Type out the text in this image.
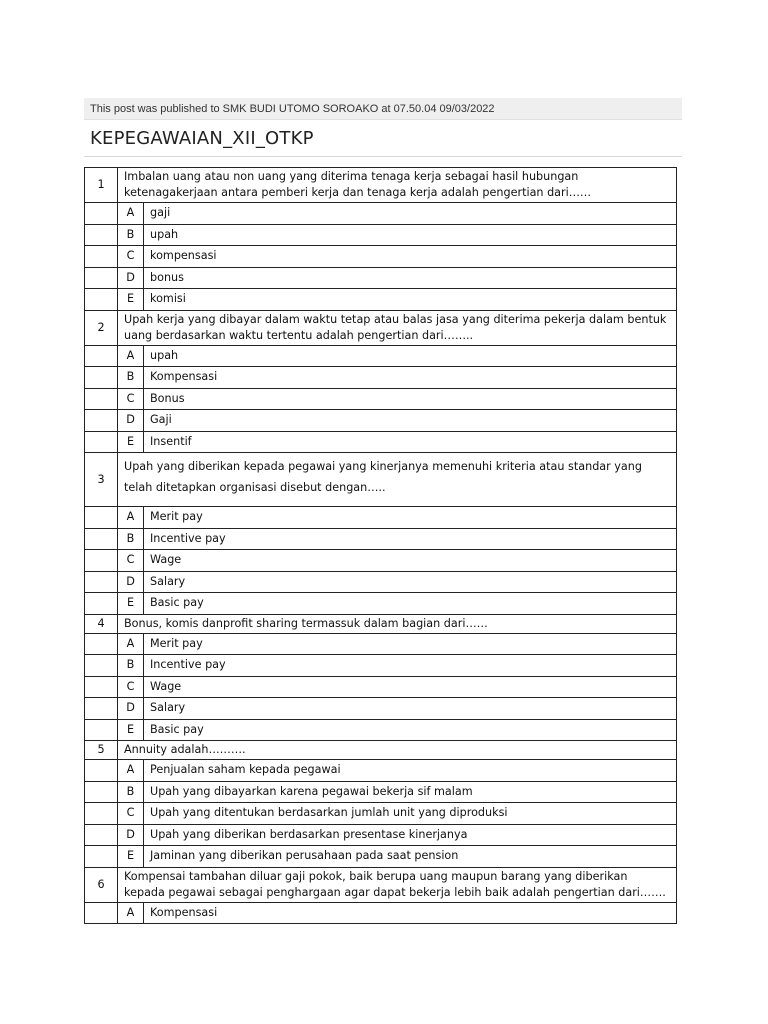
This post was published to SMK BUDI UTOMO SOROAKO at 07.50.04 09/03/2022
KEPEGAWAIAN_XII_OTKP
1	Imbalan uang atau non uang yang diterima tenaga kerja sebagai hasil hubungan ketenagakerjaan antara pemberi kerja dan tenaga kerja adalah pengertian dari……	
	A	gaji
	B	upah
	C	kompensasi
	D	bonus
	E	komisi
2	Upah kerja yang dibayar dalam waktu tetap atau balas jasa yang diterima pekerja dalam bentuk uang berdasarkan waktu tertentu adalah pengertian dari……..	
	A	upah
	B	Kompensasi
	C	Bonus
	D	Gaji
	E	Insentif
3	Upah yang diberikan kepada pegawai yang kinerjanya memenuhi kriteria atau standar yang telah ditetapkan organisasi disebut dengan…..	
	A	Merit pay
	B	Incentive pay
	C	Wage
	D	Salary
	E	Basic pay
4	Bonus, komis danprofit sharing termassuk dalam bagian dari……	
	A	Merit pay
	B	Incentive pay
	C	Wage
	D	Salary
	E	Basic pay
5	Annuity adalah……….	
	A	Penjualan saham kepada pegawai
	B	Upah yang dibayarkan karena pegawai bekerja sif malam
	C	Upah yang ditentukan berdasarkan jumlah unit yang diproduksi
	D	Upah yang diberikan berdasarkan presentase kinerjanya
	E	Jaminan yang diberikan perusahaan pada saat pension
6	Kompensai tambahan diluar gaji pokok, baik berupa uang maupun barang yang diberikan kepada pegawai sebagai penghargaan agar dapat bekerja lebih baik adalah pengertian dari…….	
	A	Kompensasi
